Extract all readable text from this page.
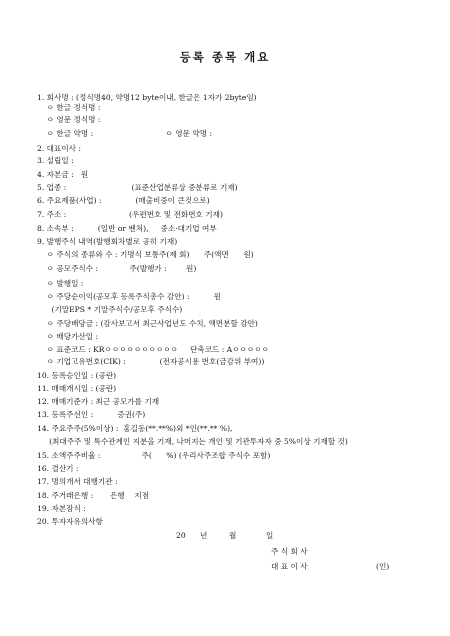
등록 종목 개요
1. 회사명 : (정식명40, 약명12 byte이내, 한글은 1자가 2byte임)
ㅇ 한글 정식명 :
ㅇ 영문 정식명 :
ㅇ 한글 약명 :                              ㅇ 영문 약명 :
2. 대표이사 :
3. 설립일 :
4. 자본금 :   원
5. 업종 :                           (표준산업분류상 중분류로 기재)
6. 주요제품(사업) :              (매출비중이 큰것으로)
7. 주소 :                          (우편번호 및 전화번호 기재)
8. 소속부 :          (일반 or 벤처),     중소·대기업 여부
9. 발행주식 내역(발행회차별로 공히 기재)
ㅇ 주식의 종류와 수 : 기명식 보통주(제 회)      주(액면      원)
ㅇ 공모주식수 :             주(발행가 :        원)
ㅇ 발행일 :
ㅇ 주당순이익(공모후 등록주식총수 감안) :          원
(기말EPS * 기말주식수/공모후 주식수)
ㅇ 주당배당금 : (감사보고서 최근사업년도 수치, 액면분할 감안)
ㅇ 배당가산일 :
ㅇ 표준코드 : KRㅇㅇㅇㅇㅇㅇㅇㅇㅇㅇ     단축코드 : Aㅇㅇㅇㅇㅇ
ㅇ 기업고유번호(CIK) :              (전자공시용 번호(금감위 부여))
10. 등록승인일 : (공란)
11. 매매개시일 : (공란)
12. 매매기준가 : 최근 공모가를 기재
13. 등록주선인 :          증권(주)
14. 주요주주(5%이상) :  홍길동(**.**%)외 *인(**.** %),
(최대주주 및 특수관계인 지분을 기재, 나머지는 개인 및 기관투자자 중 5%이상 기재할 것)
15. 소액주주비율 :                 주(      %) (우리사주조합 주식수 포함)
16. 결산기 :
17. 명의개서 대행기관 :
18. 주거래은행 :       은행    지점
19. 자본잠식 :
20. 투자자유의사항
20 년	월	일
주 식 회 사
대 표 이 사	(인)
